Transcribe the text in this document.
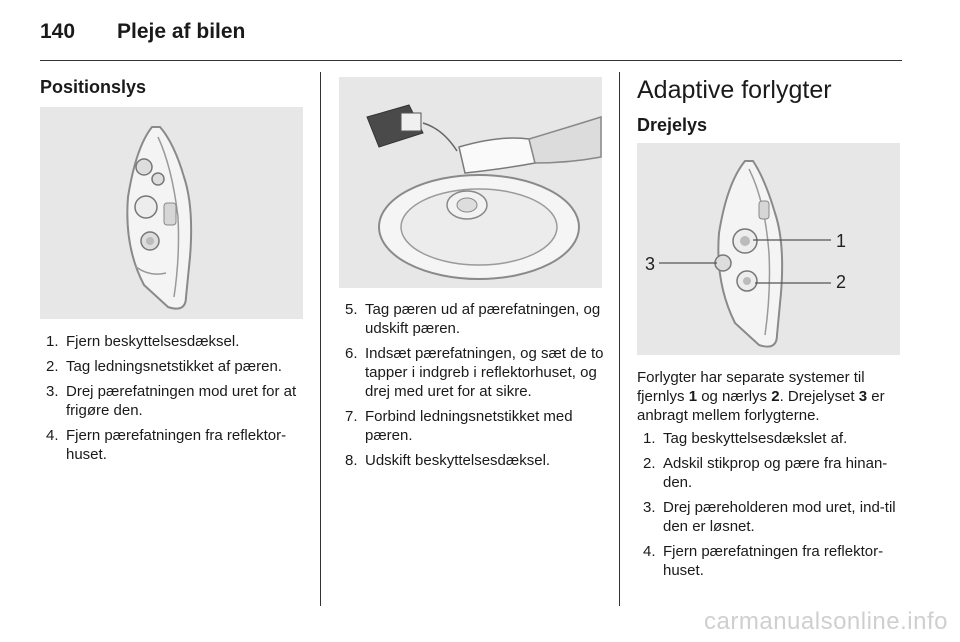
140 Pleje af bilen
Positionslys
1. Fjern beskyttelsesdæksel.
2. Tag ledningsnetstikket af pæren.
3. Drej pærefatningen mod uret for at frigøre den.
4. Fjern pærefatningen fra reflektor-huset.
5. Tag pæren ud af pærefatningen, og udskift pæren.
6. Indsæt pærefatningen, og sæt de to tapper i indgreb i reflektorhuset, og drej med uret for at sikre.
7. Forbind ledningsnetstikket med pæren.
8. Udskift beskyttelsesdæksel.
Adaptive forlygter
Drejelys
1
2
3
Forlygter har separate systemer til fjernlys 1 og nærlys 2. Drejelyset 3 er anbragt mellem forlygterne.
1. Tag beskyttelsesdækslet af.
2. Adskil stikprop og pære fra hinan-den.
3. Drej pæreholderen mod uret, ind-til den er løsnet.
4. Fjern pærefatningen fra reflektor-huset.
carmanualsonline.info
